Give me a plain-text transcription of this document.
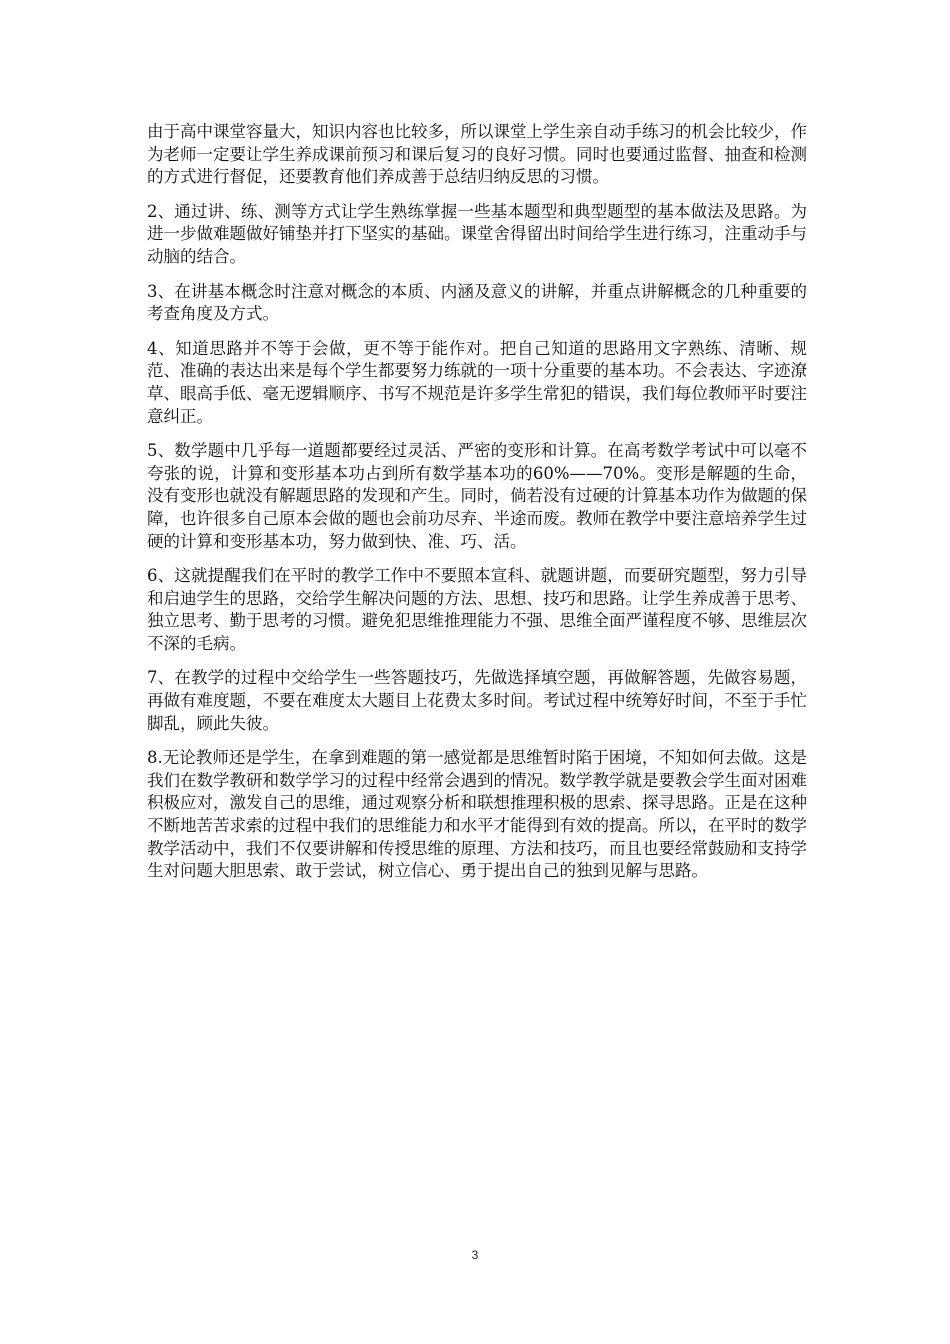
由于高中课堂容量大，知识内容也比较多，所以课堂上学生亲自动手练习的机会比较少，作为老师一定要让学生养成课前预习和课后复习的良好习惯。同时也要通过监督、抽查和检测的方式进行督促，还要教育他们养成善于总结归纳反思的习惯。

2、通过讲、练、测等方式让学生熟练掌握一些基本题型和典型题型的基本做法及思路。为进一步做难题做好铺垫并打下坚实的基础。课堂舍得留出时间给学生进行练习，注重动手与动脑的结合。

3、在讲基本概念时注意对概念的本质、内涵及意义的讲解，并重点讲解概念的几种重要的考查角度及方式。

4、知道思路并不等于会做，更不等于能作对。把自己知道的思路用文字熟练、清晰、规范、准确的表达出来是每个学生都要努力练就的一项十分重要的基本功。不会表达、字迹潦草、眼高手低、毫无逻辑顺序、书写不规范是许多学生常犯的错误，我们每位教师平时要注意纠正。

5、数学题中几乎每一道题都要经过灵活、严密的变形和计算。在高考数学考试中可以毫不夸张的说，计算和变形基本功占到所有数学基本功的60%——70%。变形是解题的生命，没有变形也就没有解题思路的发现和产生。同时，倘若没有过硬的计算基本功作为做题的保障，也许很多自己原本会做的题也会前功尽弃、半途而废。教师在教学中要注意培养学生过硬的计算和变形基本功，努力做到快、准、巧、活。

6、这就提醒我们在平时的教学工作中不要照本宣科、就题讲题，而要研究题型，努力引导和启迪学生的思路，交给学生解决问题的方法、思想、技巧和思路。让学生养成善于思考、独立思考、勤于思考的习惯。避免犯思维推理能力不强、思维全面严谨程度不够、思维层次不深的毛病。

7、在教学的过程中交给学生一些答题技巧，先做选择填空题，再做解答题，先做容易题，再做有难度题，不要在难度太大题目上花费太多时间。考试过程中统筹好时间，不至于手忙脚乱，顾此失彼。

8.无论教师还是学生，在拿到难题的第一感觉都是思维暂时陷于困境，不知如何去做。这是我们在数学教研和数学学习的过程中经常会遇到的情况。数学教学就是要教会学生面对困难积极应对，激发自己的思维，通过观察分析和联想推理积极的思索、探寻思路。正是在这种不断地苦苦求索的过程中我们的思维能力和水平才能得到有效的提高。所以，在平时的数学教学活动中，我们不仅要讲解和传授思维的原理、方法和技巧，而且也要经常鼓励和支持学生对问题大胆思索、敢于尝试，树立信心、勇于提出自己的独到见解与思路。

3
